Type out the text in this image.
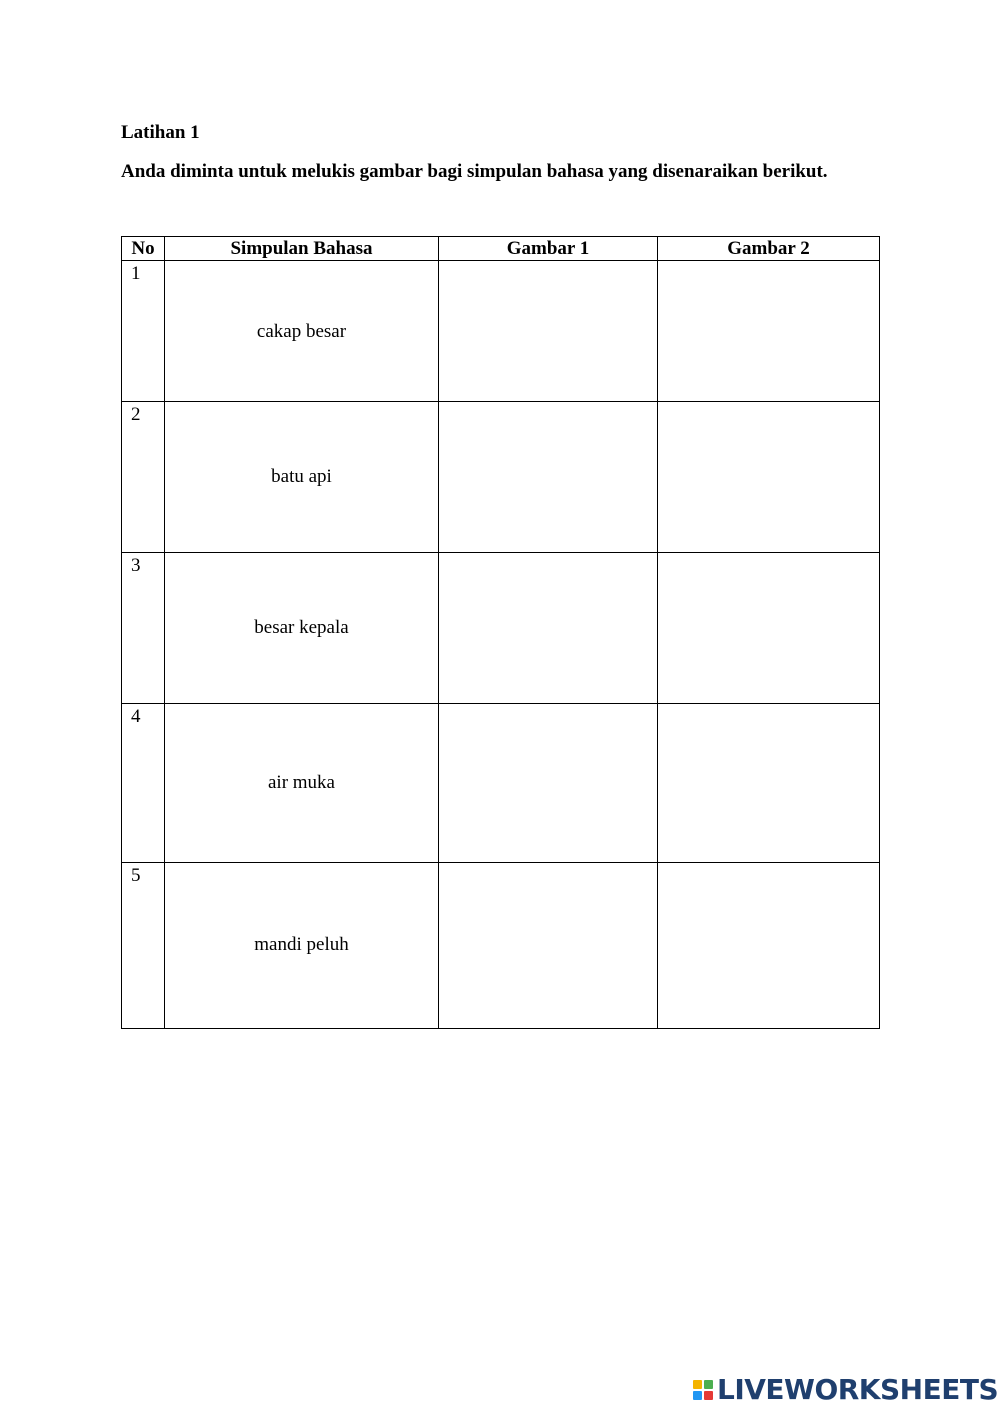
Latihan 1
Anda diminta untuk melukis gambar bagi simpulan bahasa yang disenaraikan berikut.
No	Simpulan Bahasa	Gambar 1	Gambar 2
1	cakap besar		
2	batu api		
3	besar kepala		
4	air muka		
5	mandi peluh		
LIVEWORKSHEETS
